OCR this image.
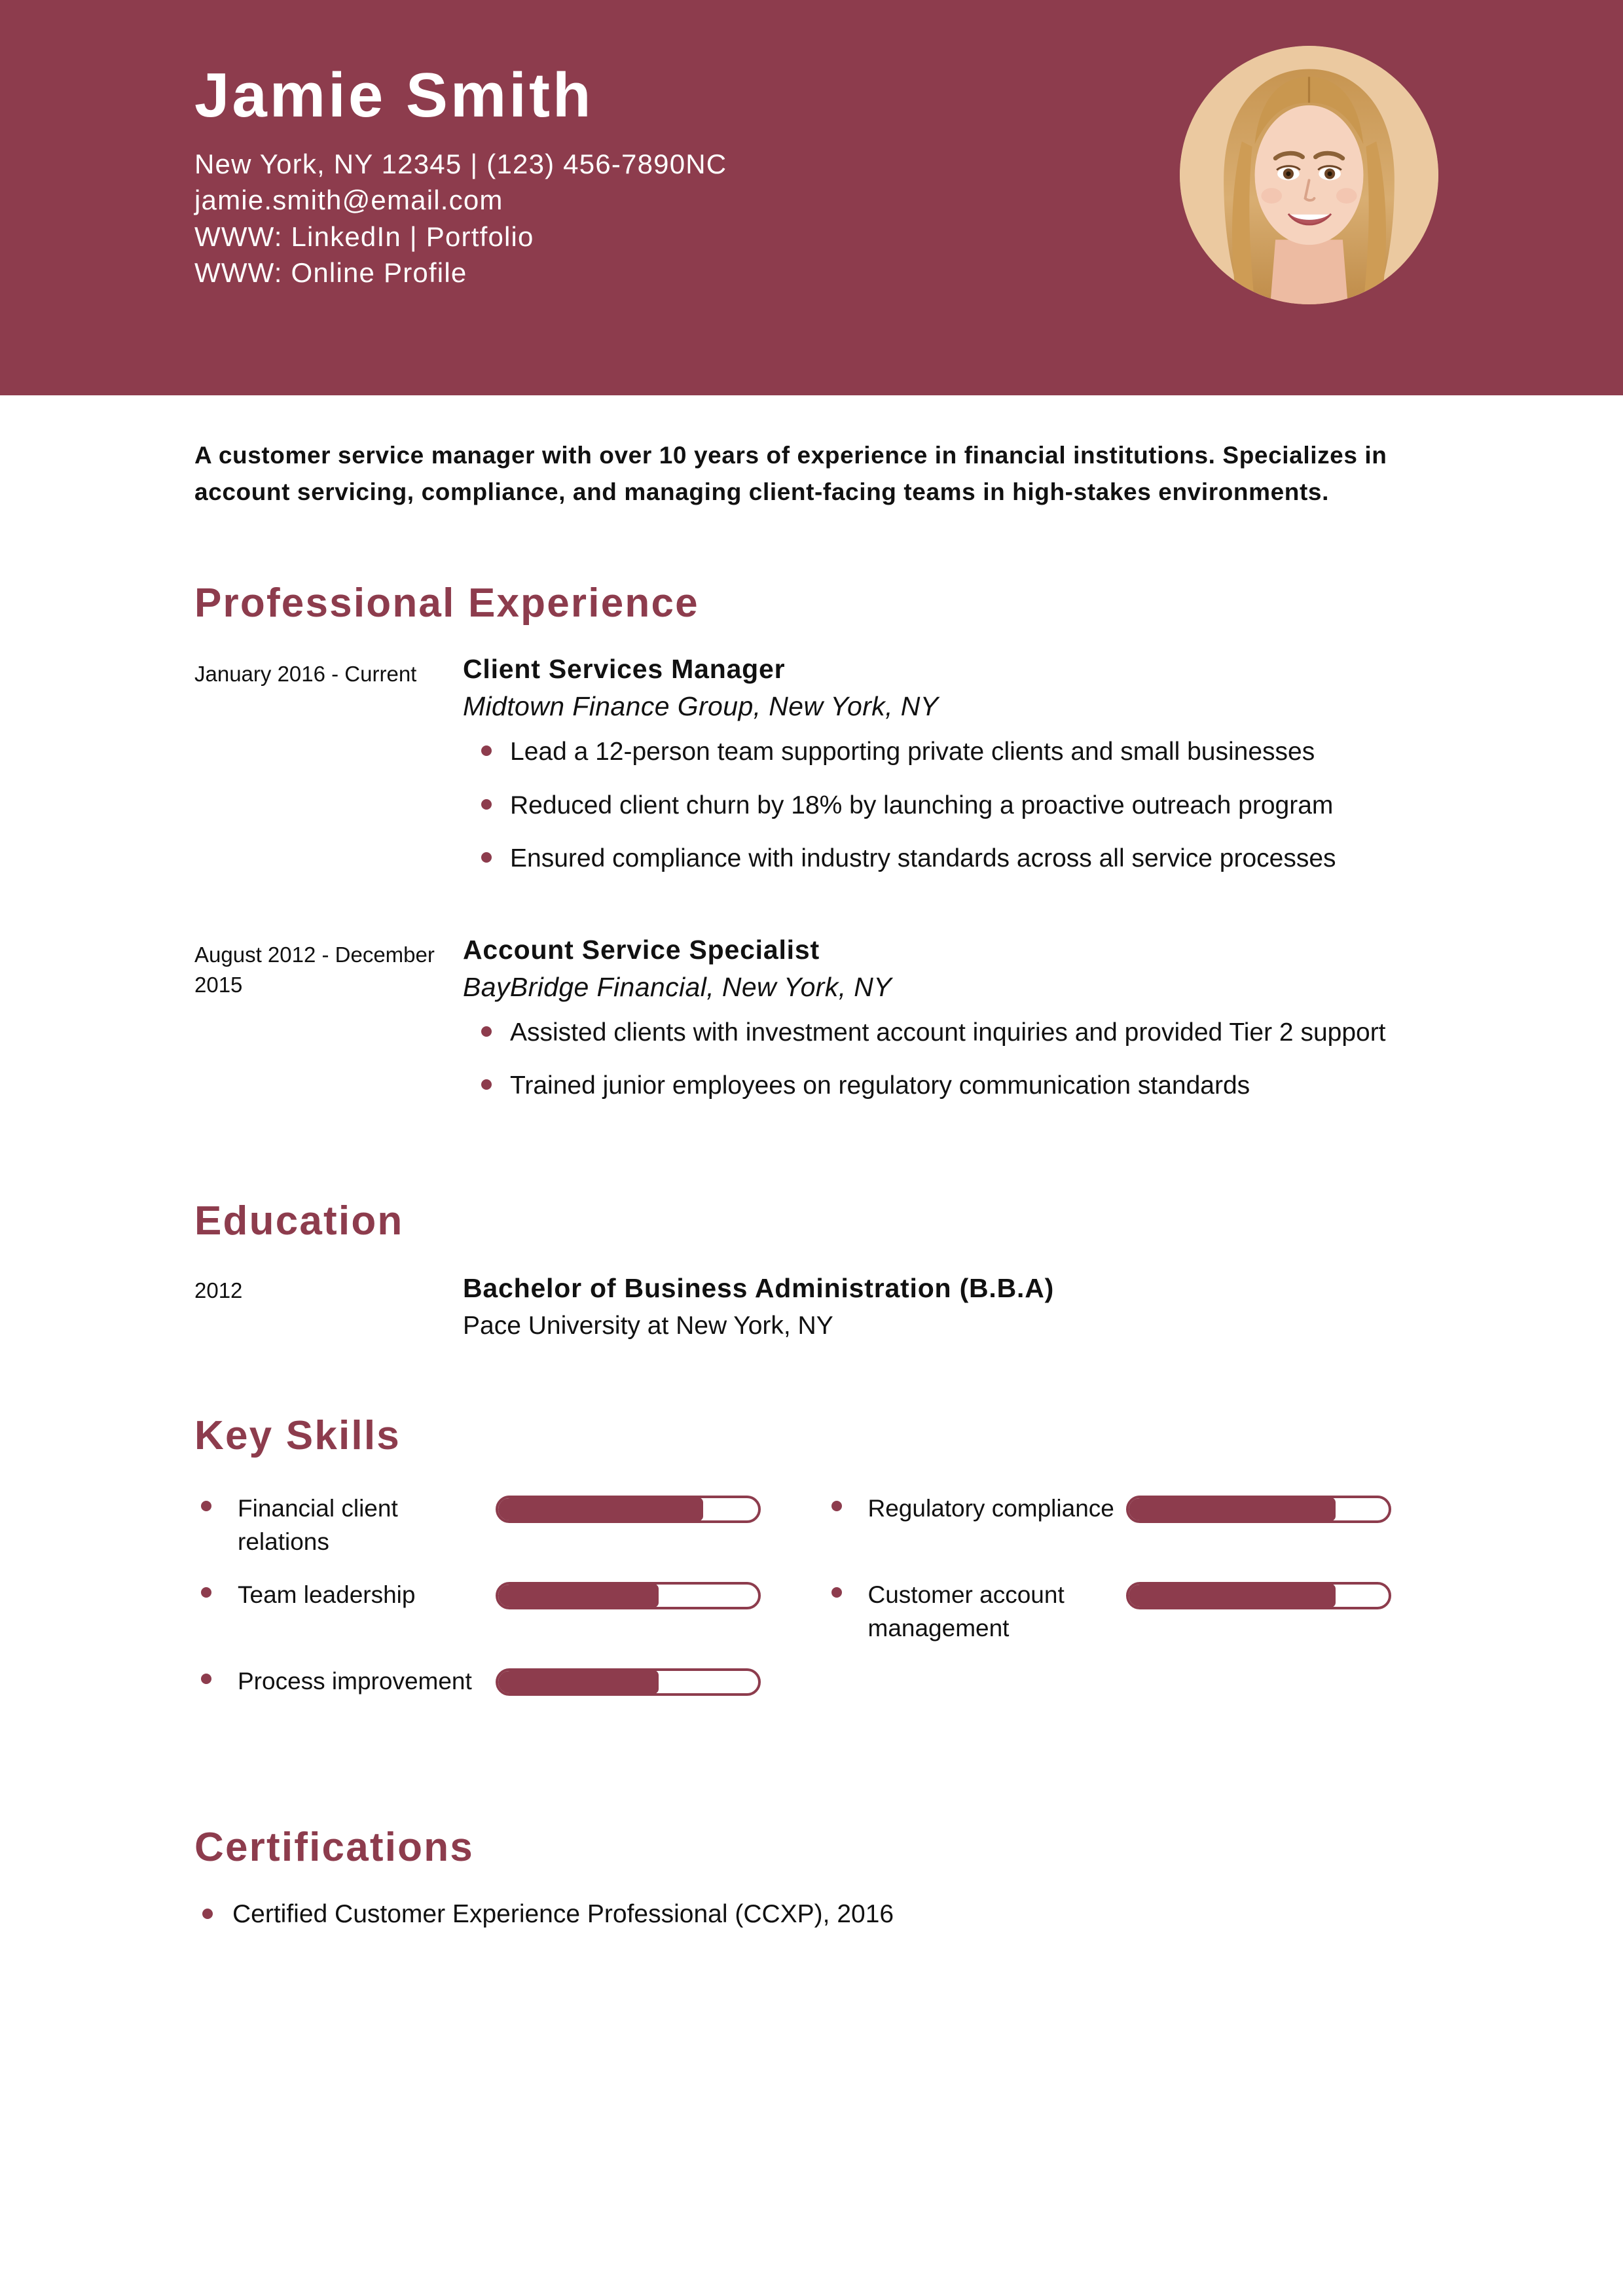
Jamie Smith

New York, NY 12345 | (123) 456-7890NC

jamie.smith@email.com

WWW: LinkedIn | Portfolio

WWW: Online Profile

A customer service manager with over 10 years of experience in financial institutions. Specializes in account servicing, compliance, and managing client-facing teams in high-stakes environments.
Professional Experience
January 2016 - Current	Client Services Manager

Midtown Finance Group, New York, NY

Lead a 12-person team supporting private clients and small businesses
Reduced client churn by 18% by launching a proactive outreach program
Ensured compliance with industry standards across all service processes
August 2012 - December 2015

Account Service Specialist

BayBridge Financial, New York, NY

Assisted clients with investment account inquiries and provided Tier 2 support
Trained junior employees on regulatory communication standards
Education
2012	Bachelor of Business Administration (B.B.A)

Pace University at New York, NY

Key Skills
Financial client relations
Team leadership
Process improvement
Regulatory compliance
Customer account management
Certifications
Certified Customer Experience Professional (CCXP), 2016
